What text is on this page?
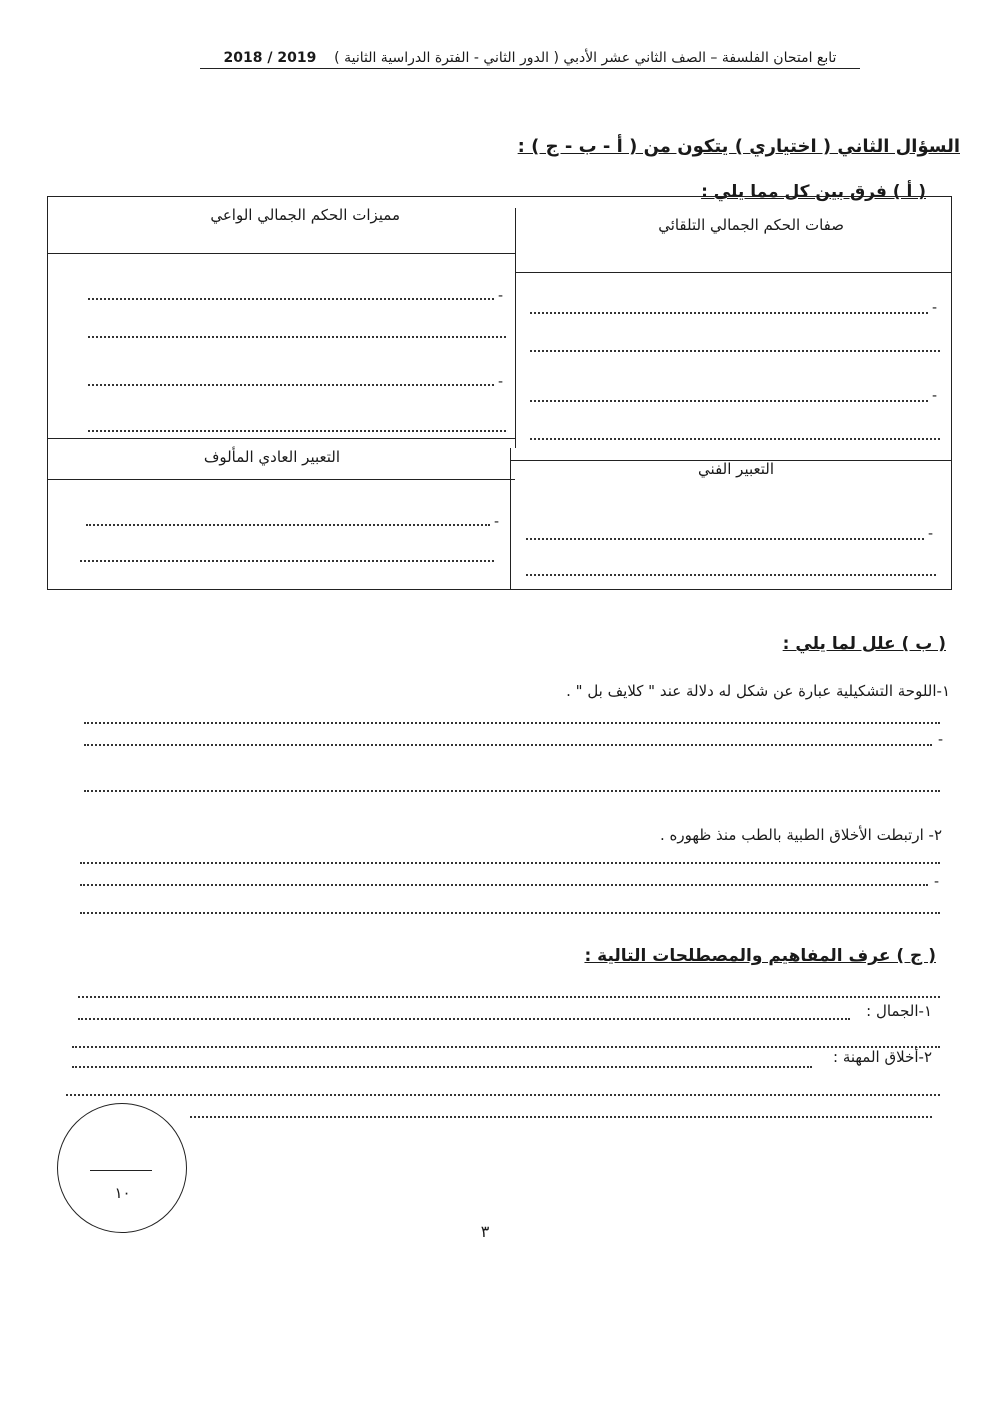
تابع امتحان الفلسفة – الصف الثاني عشر الأدبي ( الدور الثاني - الفترة الدراسية الثانية )    2019 / 2018
السؤال الثاني ( اختياري ) يتكون من ( أ - ب - ج ) :
( أ ) فرق بين كل مما يلي :
صفات الحكم الجمالي التلقائي
مميزات الحكم الجمالي الواعي
التعبير الفني
التعبير العادي المألوف
-
-
-
-
-
-
( ب ) علل لما يلي :
١-اللوحة التشكيلية عبارة عن شكل له دلالة عند " كلايف بل " .
-
٢- ارتبطت الأخلاق الطبية بالطب منذ ظهوره .
-
( ج ) عرف المفاهيم والمصطلحات التالية :
١-الجمال :
٢-أخلاق المهنة :
١٠
٣
